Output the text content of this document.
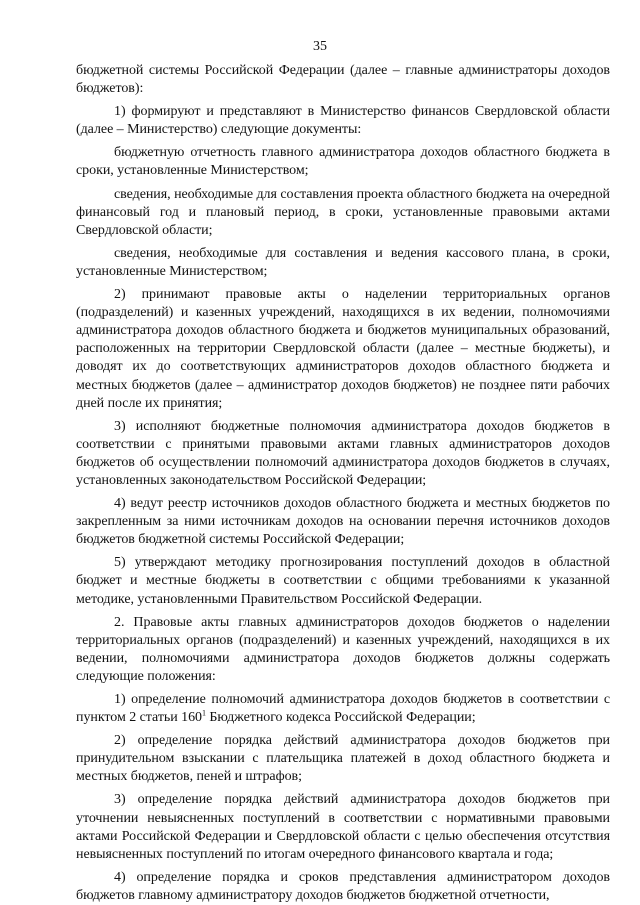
35

бюджетной системы Российской Федерации (далее – главные администраторы доходов бюджетов):

1) формируют и представляют в Министерство финансов Свердловской области (далее – Министерство) следующие документы:

бюджетную отчетность главного администратора доходов областного бюджета в сроки, установленные Министерством;

сведения, необходимые для составления проекта областного бюджета на очередной финансовый год и плановый период, в сроки, установленные правовыми актами Свердловской области;

сведения, необходимые для составления и ведения кассового плана, в сроки, установленные Министерством;

2) принимают правовые акты о наделении территориальных органов (подразделений) и казенных учреждений, находящихся в их ведении, полномочиями администратора доходов областного бюджета и бюджетов муниципальных образований, расположенных на территории Свердловской области (далее – местные бюджеты), и доводят их до соответствующих администраторов доходов областного бюджета и местных бюджетов (далее – администратор доходов бюджетов) не позднее пяти рабочих дней после их принятия;

3) исполняют бюджетные полномочия администратора доходов бюджетов в соответствии с принятыми правовыми актами главных администраторов доходов бюджетов об осуществлении полномочий администратора доходов бюджетов в случаях, установленных законодательством Российской Федерации;

4) ведут реестр источников доходов областного бюджета и местных бюджетов по закрепленным за ними источникам доходов на основании перечня источников доходов бюджетов бюджетной системы Российской Федерации;

5) утверждают методику прогнозирования поступлений доходов в областной бюджет и местные бюджеты в соответствии с общими требованиями к указанной методике, установленными Правительством Российской Федерации.

2. Правовые акты главных администраторов доходов бюджетов о наделении территориальных органов (подразделений) и казенных учреждений, находящихся в их ведении, полномочиями администратора доходов бюджетов должны содержать следующие положения:

1) определение полномочий администратора доходов бюджетов в соответствии с пунктом 2 статьи $160^1$ Бюджетного кодекса Российской Федерации;

2) определение порядка действий администратора доходов бюджетов при принудительном взыскании с плательщика платежей в доход областного бюджета и местных бюджетов, пеней и штрафов;

3) определение порядка действий администратора доходов бюджетов при уточнении невыясненных поступлений в соответствии с нормативными правовыми актами Российской Федерации и Свердловской области с целью обеспечения отсутствия невыясненных поступлений по итогам очередного финансового квартала и года;

4) определение порядка и сроков представления администратором доходов бюджетов главному администратору доходов бюджетов бюджетной отчетности,
